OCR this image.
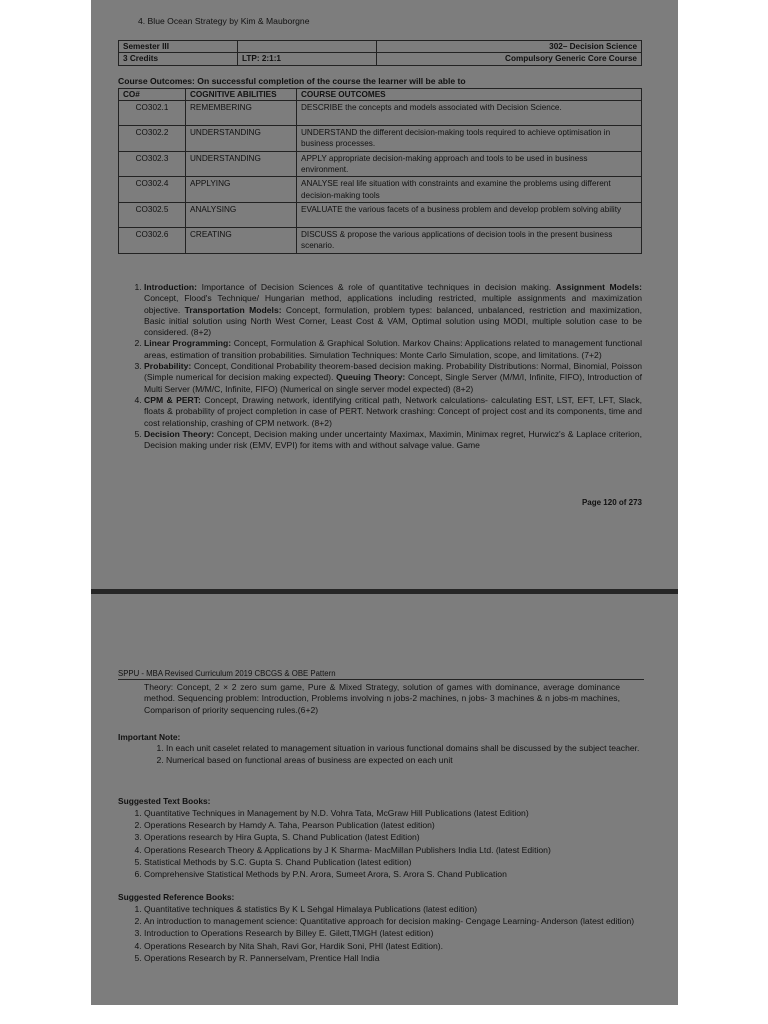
4. Blue Ocean Strategy by Kim & Mauborgne
Semester III		302– Decision Science
3 Credits	LTP: 2:1:1	Compulsory Generic Core Course
Course Outcomes: On successful completion of the course the learner will be able to
CO#	COGNITIVE ABILITIES	COURSE OUTCOMES
CO302.1	REMEMBERING	DESCRIBE the concepts and models associated with Decision Science.
CO302.2	UNDERSTANDING	UNDERSTAND the different decision-making tools required to achieve optimisation in business processes.
CO302.3	UNDERSTANDING	APPLY appropriate decision-making approach and tools to be used in business environment.
CO302.4	APPLYING	ANALYSE real life situation with constraints and examine the problems using different decision-making tools
CO302.5	ANALYSING	EVALUATE the various facets of a business problem and develop problem solving ability
CO302.6	CREATING	DISCUSS & propose the various applications of decision tools in the present business scenario.
1. Introduction: Importance of Decision Sciences & role of quantitative techniques in decision making. Assignment Models: Concept, Flood's Technique/ Hungarian method, applications including restricted, multiple assignments and maximization objective. Transportation Models: Concept, formulation, problem types: balanced, unbalanced, restriction and maximization, Basic initial solution using North West Corner, Least Cost & VAM, Optimal solution using MODI, multiple solution case to be considered. (8+2)
2. Linear Programming: Concept, Formulation & Graphical Solution. Markov Chains: Applications related to management functional areas, estimation of transition probabilities. Simulation Techniques: Monte Carlo Simulation, scope, and limitations. (7+2)
3. Probability: Concept, Conditional Probability theorem-based decision making. Probability Distributions: Normal, Binomial, Poisson (Simple numerical for decision making expected). Queuing Theory: Concept, Single Server (M/M/I, Infinite, FIFO), Introduction of Multi Server (M/M/C, Infinite, FIFO) (Numerical on single server model expected) (8+2)
4. CPM & PERT: Concept, Drawing network, identifying critical path, Network calculations- calculating EST, LST, EFT, LFT, Slack, floats & probability of project completion in case of PERT. Network crashing: Concept of project cost and its components, time and cost relationship, crashing of CPM network. (8+2)
5. Decision Theory: Concept, Decision making under uncertainty Maximax, Maximin, Minimax regret, Hurwicz's & Laplace criterion, Decision making under risk (EMV, EVPI) for items with and without salvage value. Game
Page 120 of 273
SPPU - MBA Revised Curriculum 2019 CBCGS & OBE Pattern
Theory: Concept, 2 × 2 zero sum game, Pure & Mixed Strategy, solution of games with dominance, average dominance method. Sequencing problem: Introduction, Problems involving n jobs-2 machines, n jobs- 3 machines & n jobs-m machines, Comparison of priority sequencing rules.(6+2)

Important Note:

1. In each unit caselet related to management situation in various functional domains shall be discussed by the subject teacher.
2. Numerical based on functional areas of business are expected on each unit

Suggested Text Books:

1. Quantitative Techniques in Management by N.D. Vohra Tata, McGraw Hill Publications (latest Edition)
2. Operations Research by Hamdy A. Taha, Pearson Publication (latest edition)
3. Operations research by Hira Gupta, S. Chand Publication (latest Edition)
4. Operations Research Theory & Applications by J K Sharma- MacMillan Publishers India Ltd. (latest Edition)
5. Statistical Methods by S.C. Gupta S. Chand Publication (latest edition)
6. Comprehensive Statistical Methods by P.N. Arora, Sumeet Arora, S. Arora S. Chand Publication

Suggested Reference Books:

1. Quantitative techniques & statistics By K L Sehgal Himalaya Publications (latest edition)
2. An introduction to management science: Quantitative approach for decision making- Cengage Learning- Anderson (latest edition)
3. Introduction to Operations Research by Billey E. Gilett,TMGH (latest edition)
4. Operations Research by Nita Shah, Ravi Gor, Hardik Soni, PHI (latest Edition).
5. Operations Research by R. Pannerselvam, Prentice Hall India
